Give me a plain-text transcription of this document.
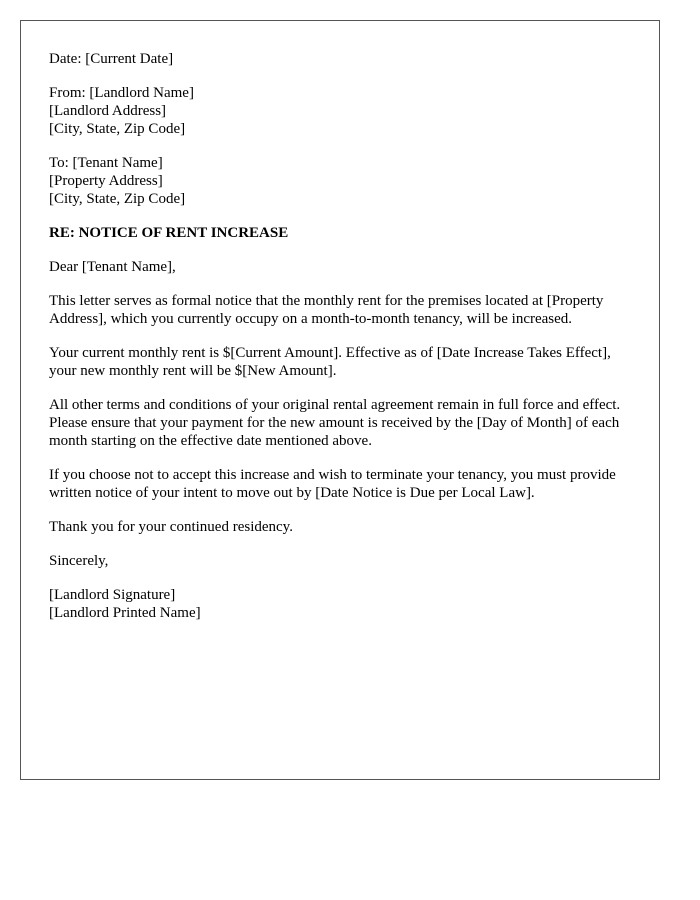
Date: [Current Date]
From: [Landlord Name]
[Landlord Address]
[City, State, Zip Code]
To: [Tenant Name]
[Property Address]
[City, State, Zip Code]
RE: NOTICE OF RENT INCREASE
Dear [Tenant Name],

This letter serves as formal notice that the monthly rent for the premises located at [Property Address], which you currently occupy on a month-to-month tenancy, will be increased.

Your current monthly rent is $[Current Amount]. Effective as of [Date Increase Takes Effect], your new monthly rent will be $[New Amount].

All other terms and conditions of your original rental agreement remain in full force and effect. Please ensure that your payment for the new amount is received by the [Day of Month] of each month starting on the effective date mentioned above.

If you choose not to accept this increase and wish to terminate your tenancy, you must provide written notice of your intent to move out by [Date Notice is Due per Local Law].

Thank you for your continued residency.

Sincerely,
[Landlord Signature]
[Landlord Printed Name]
